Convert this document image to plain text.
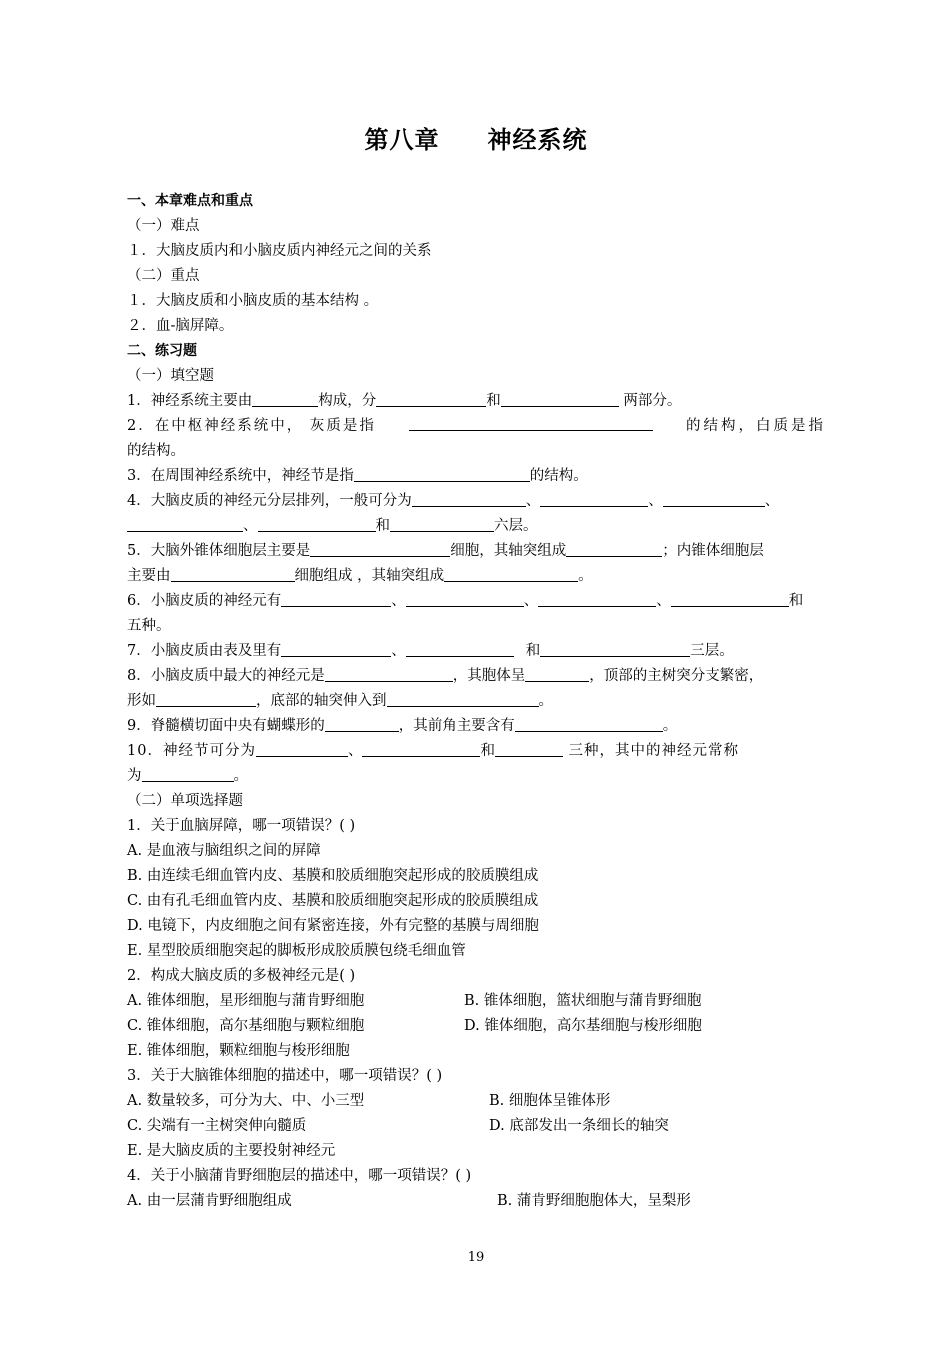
第八章 神经系统
一、本章难点和重点
（一）难点
１．大脑皮质内和小脑皮质内神经元之间的关系
（二）重点
１．大脑皮质和小脑皮质的基本结构 。
２．血-脑屏障。
二、练习题
（一）填空题
1．神经系统主要由	构成，分	和	两部分。
2．在中枢神经系统中， 灰质是指	的结构，白质是指
的结构。
3．在周围神经系统中，神经节是指	的结构。
4．大脑皮质的神经元分层排列，一般可分为	、	、	、
、	和	六层。
5．大脑外锥体细胞层主要是	细胞，其轴突组成	；内锥体细胞层
主要由	细胞组成 ，其轴突组成	。
6．小脑皮质的神经元有	、	、	、	和
五种。
7．小脑皮质由表及里有	、	和	三层。
8．小脑皮质中最大的神经元是	，其胞体呈	，顶部的主树突分支繁密，
形如	，底部的轴突伸入到	。
9．脊髓横切面中央有蝴蝶形的	，其前角主要含有	。
10．神经节可分为	、	和	三种，其中的神经元常称
为	。
（二）单项选择题
1．关于血脑屏障，哪一项错误？( )
A. 是血液与脑组织之间的屏障
B. 由连续毛细血管内皮、基膜和胶质细胞突起形成的胶质膜组成
C. 由有孔毛细血管内皮、基膜和胶质细胞突起形成的胶质膜组成
D. 电镜下，内皮细胞之间有紧密连接，外有完整的基膜与周细胞
E. 星型胶质细胞突起的脚板形成胶质膜包绕毛细血管
2．构成大脑皮质的多极神经元是( )
A. 锥体细胞，星形细胞与蒲肯野细胞	B. 锥体细胞，篮状细胞与蒲肯野细胞
C. 锥体细胞，高尔基细胞与颗粒细胞	D. 锥体细胞，高尔基细胞与梭形细胞
E. 锥体细胞，颗粒细胞与梭形细胞
3．关于大脑锥体细胞的描述中，哪一项错误？( )
A. 数量较多，可分为大、中、小三型	B. 细胞体呈锥体形
C. 尖端有一主树突伸向髓质	D. 底部发出一条细长的轴突
E. 是大脑皮质的主要投射神经元
4．关于小脑蒲肯野细胞层的描述中，哪一项错误？( )
A. 由一层蒲肯野细胞组成	B. 蒲肯野细胞胞体大，呈梨形
19
